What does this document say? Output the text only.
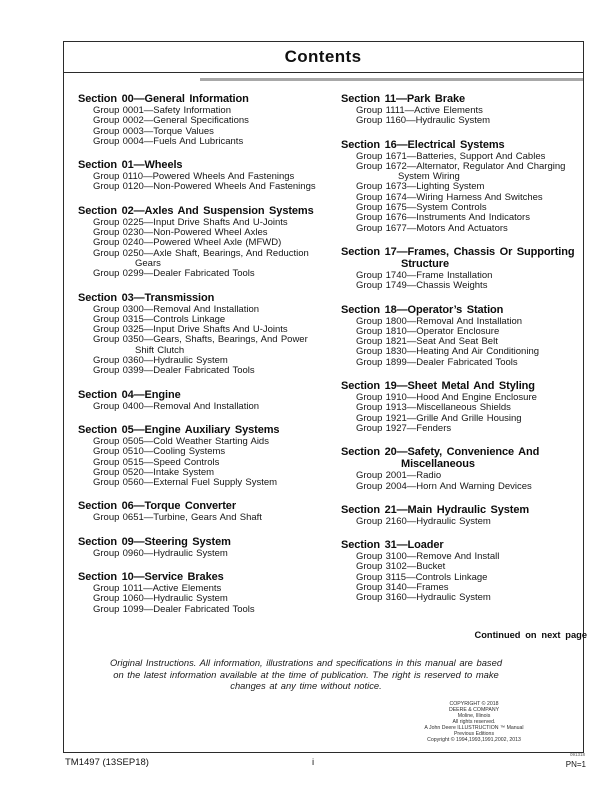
Contents
Section 00—General Information
Group 0001—Safety Information
Group 0002—General Specifications
Group 0003—Torque Values
Group 0004—Fuels And Lubricants
Section 01—Wheels
Group 0110—Powered Wheels And Fastenings
Group 0120—Non-Powered Wheels And Fastenings
Section 02—Axles And Suspension Systems
Group 0225—Input Drive Shafts And U-Joints
Group 0230—Non-Powered Wheel Axles
Group 0240—Powered Wheel Axle (MFWD)
Group 0250—Axle Shaft, Bearings, And Reduction
Gears
Group 0299—Dealer Fabricated Tools
Section 03—Transmission
Group 0300—Removal And Installation
Group 0315—Controls Linkage
Group 0325—Input Drive Shafts And U-Joints
Group 0350—Gears, Shafts, Bearings, And Power
Shift Clutch
Group 0360—Hydraulic System
Group 0399—Dealer Fabricated Tools
Section 04—Engine
Group 0400—Removal And Installation
Section 05—Engine Auxiliary Systems
Group 0505—Cold Weather Starting Aids
Group 0510—Cooling Systems
Group 0515—Speed Controls
Group 0520—Intake System
Group 0560—External Fuel Supply System
Section 06—Torque Converter
Group 0651—Turbine, Gears And Shaft
Section 09—Steering System
Group 0960—Hydraulic System
Section 10—Service Brakes
Group 1011—Active Elements
Group 1060—Hydraulic System
Group 1099—Dealer Fabricated Tools
Section 11—Park Brake
Group 1111—Active Elements
Group 1160—Hydraulic System
Section 16—Electrical Systems
Group 1671—Batteries, Support And Cables
Group 1672—Alternator, Regulator And Charging
System Wiring
Group 1673—Lighting System
Group 1674—Wiring Harness And Switches
Group 1675—System Controls
Group 1676—Instruments And Indicators
Group 1677—Motors And Actuators
Section 17—Frames, Chassis Or Supporting
Structure
Group 1740—Frame Installation
Group 1749—Chassis Weights
Section 18—Operator’s Station
Group 1800—Removal And Installation
Group 1810—Operator Enclosure
Group 1821—Seat And Seat Belt
Group 1830—Heating And Air Conditioning
Group 1899—Dealer Fabricated Tools
Section 19—Sheet Metal And Styling
Group 1910—Hood And Engine Enclosure
Group 1913—Miscellaneous Shields
Group 1921—Grille And Grille Housing
Group 1927—Fenders
Section 20—Safety, Convenience And
Miscellaneous
Group 2001—Radio
Group 2004—Horn And Warning Devices
Section 21—Main Hydraulic System
Group 2160—Hydraulic System
Section 31—Loader
Group 3100—Remove And Install
Group 3102—Bucket
Group 3115—Controls Linkage
Group 3140—Frames
Group 3160—Hydraulic System
Continued on next page
Original Instructions. All information, illustrations and specifications in this manual are based on the latest information available at the time of publication. The right is reserved to make changes at any time without notice.
COPYRIGHT © 2018
DEERE & COMPANY
Moline, Illinois
All rights reserved.
A John Deere ILLUSTRUCTION ™ Manual
Previous Editions
Copyright © 1994,1993,1991,2002, 2013
TM1497 (13SEP18)	i
091318
PN=1
